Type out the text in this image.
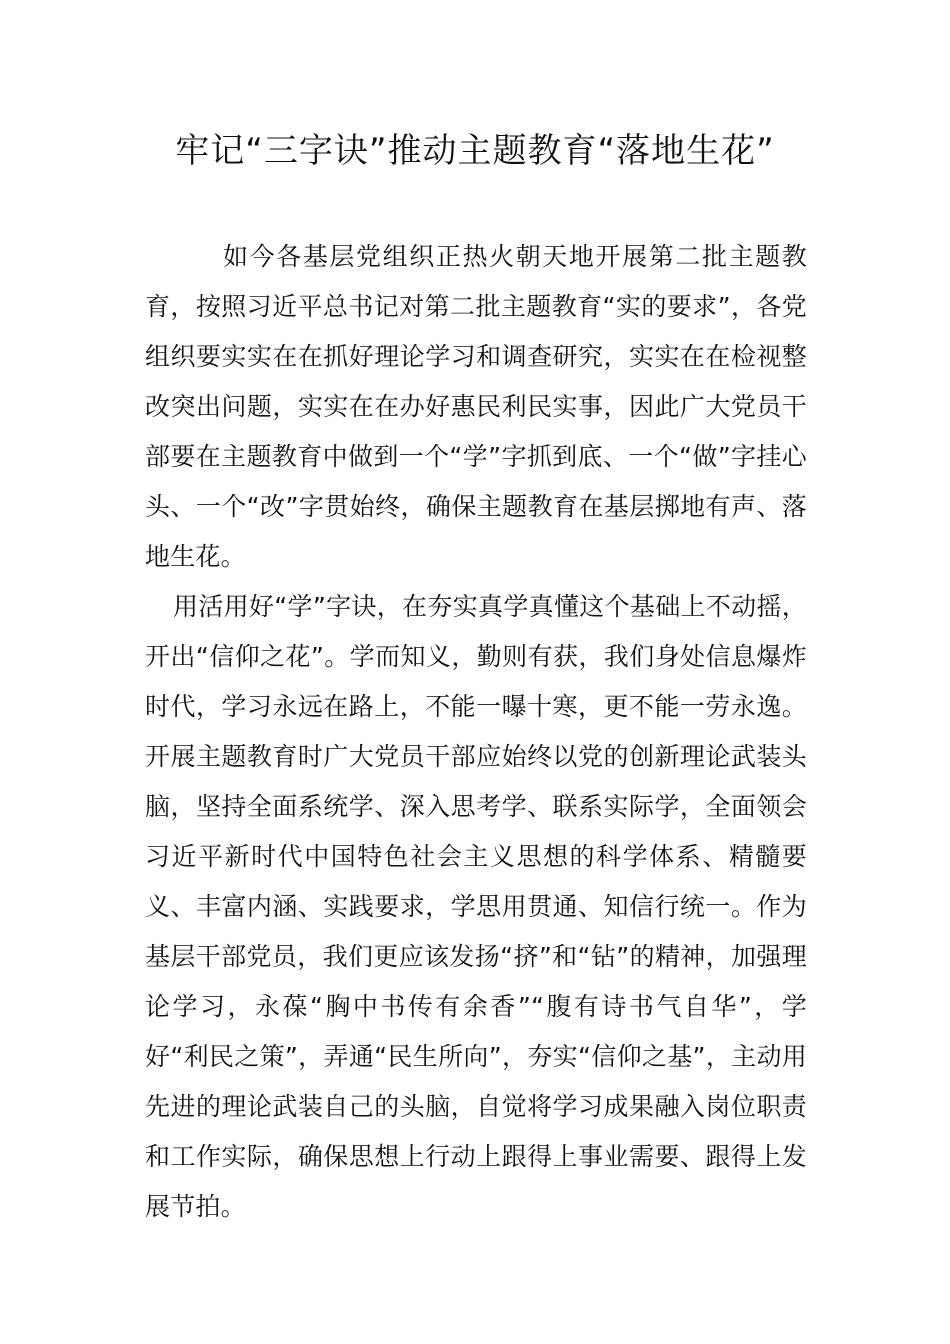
牢记“三字诀”推动主题教育“落地生花”

如今各基层党组织正热火朝天地开展第二批主题教育，按照习近平总书记对第二批主题教育“实的要求”，各党组织要实实在在抓好理论学习和调查研究，实实在在检视整改突出问题，实实在在办好惠民利民实事，因此广大党员干部要在主题教育中做到一个“学”字抓到底、一个“做”字挂心头、一个“改”字贯始终，确保主题教育在基层掷地有声、落地生花。

用活用好“学”字诀，在夯实真学真懂这个基础上不动摇，开出“信仰之花”。学而知义，勤则有获，我们身处信息爆炸时代，学习永远在路上，不能一曝十寒，更不能一劳永逸。开展主题教育时广大党员干部应始终以党的创新理论武装头脑，坚持全面系统学、深入思考学、联系实际学，全面领会习近平新时代中国特色社会主义思想的科学体系、精髓要义、丰富内涵、实践要求，学思用贯通、知信行统一。作为基层干部党员，我们更应该发扬“挤”和“钻”的精神，加强理论学习，永葆“胸中书传有余香”“腹有诗书气自华”，学好“利民之策”，弄通“民生所向”，夯实“信仰之基”，主动用先进的理论武装自己的头脑，自觉将学习成果融入岗位职责和工作实际，确保思想上行动上跟得上事业需要、跟得上发展节拍。
